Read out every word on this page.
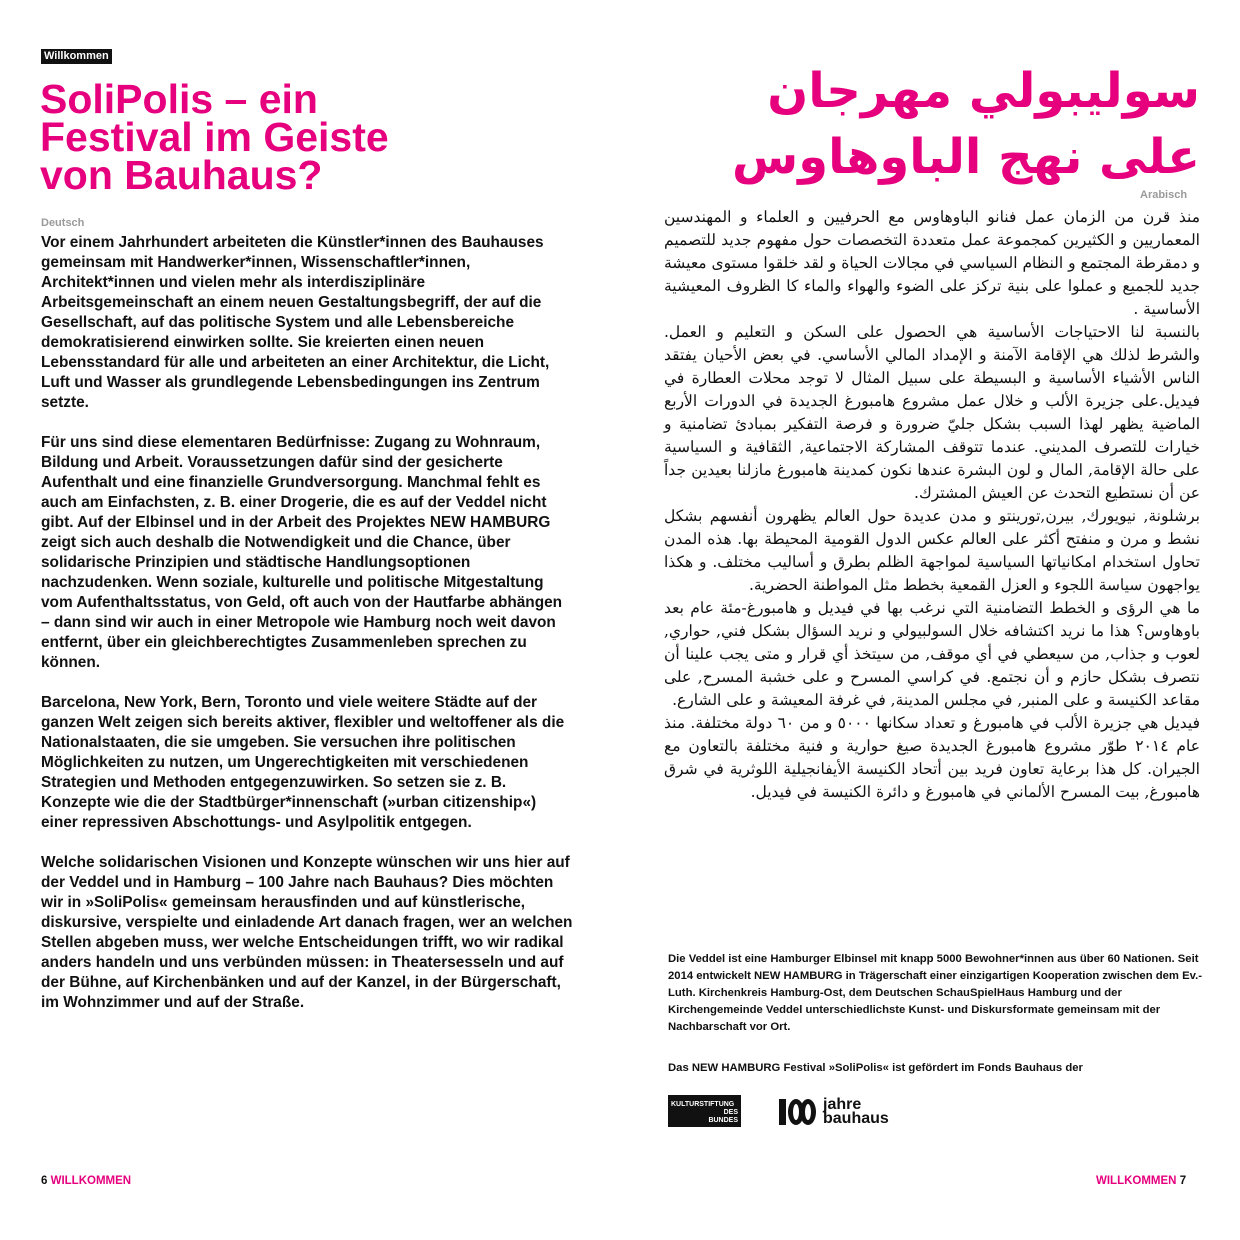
Willkommen
SoliPolis – ein
Festival im Geiste
von Bauhaus?
Deutsch

Vor einem Jahrhundert arbeiteten die Künstler*innen des Bauhauses gemeinsam mit Handwerker*innen, Wissenschaftler*innen, Architekt*innen und vielen mehr als interdisziplinäre Arbeitsgemeinschaft an einem neuen Gestaltungsbegriff, der auf die Gesellschaft, auf das politische System und alle Lebensbereiche demokratisierend einwirken sollte. Sie kreierten einen neuen Lebensstandard für alle und arbeiteten an einer Architektur, die Licht, Luft und Wasser als grundlegende Lebensbedingungen ins Zentrum setzte.

Für uns sind diese elementaren Bedürfnisse: Zugang zu Wohnraum, Bildung und Arbeit. Voraussetzungen dafür sind der gesicherte Aufenthalt und eine finanzielle Grundversorgung. Manchmal fehlt es auch am Einfachsten, z. B. einer Drogerie, die es auf der Veddel nicht gibt. Auf der Elbinsel und in der Arbeit des Projektes NEW HAMBURG zeigt sich auch deshalb die Notwendigkeit und die Chance, über solidarische Prinzipien und städtische Handlungsoptionen nachzudenken. Wenn soziale, kulturelle und politische Mitgestaltung vom Aufenthaltsstatus, von Geld, oft auch von der Hautfarbe abhängen – dann sind wir auch in einer Metropole wie Hamburg noch weit davon entfernt, über ein gleichberechtigtes Zusammenleben sprechen zu können.

Barcelona, New York, Bern, Toronto und viele weitere Städte auf der ganzen Welt zeigen sich bereits aktiver, flexibler und weltoffener als die Nationalstaaten, die sie umgeben. Sie versuchen ihre politischen Möglichkeiten zu nutzen, um Ungerechtigkeiten mit verschiedenen Strategien und Methoden entgegenzuwirken. So setzen sie z. B. Konzepte wie die der Stadtbürger*innenschaft (»urban citizenship«) einer repressiven Abschottungs- und Asylpolitik entgegen.

Welche solidarischen Visionen und Konzepte wünschen wir uns hier auf der Veddel und in Hamburg – 100 Jahre nach Bauhaus? Dies möchten wir in »SoliPolis« gemeinsam herausfinden und auf künstlerische, diskursive, verspielte und einladende Art danach fragen, wer an welchen Stellen abgeben muss, wer welche Entscheidungen trifft, wo wir radikal anders handeln und uns verbünden müssen: in Theatersesseln und auf der Bühne, auf Kirchenbänken und auf der Kanzel, in der Bürgerschaft, im Wohnzimmer und auf der Straße.

6 WILLKOMMEN
سوليبولي مهرجان على نهج الباوهاوس
Arabisch

منذ قرن من الزمان عمل فنانو الباوهاوس مع الحرفيين و العلماء و المهندسين المعماريين و الكثيرين كمجموعة عمل متعددة التخصصات حول مفهوم جديد للتصميم و دمقرطة المجتمع و النظام السياسي في مجالات الحياة و لقد خلقوا مستوى معيشة جديد للجميع و عملوا على بنية تركز على الضوء والهواء والماء كا الظروف المعيشية الأساسية .

بالنسبة لنا الاحتياجات الأساسية هي الحصول على السكن و التعليم و العمل. والشرط لذلك هي الإقامة الآمنة و الإمداد المالي الأساسي. في بعض الأحيان يفتقد الناس الأشياء الأساسية و البسيطة على سبيل المثال لا توجد محلات العطارة في فيديل.على جزيرة الألب و خلال عمل مشروع هامبورغ الجديدة في الدورات الأربع الماضية يظهر لهذا السبب بشكل جليّ ضرورة و فرصة التفكير بمبادئ تضامنية و خيارات للتصرف المديني. عندما تتوقف المشاركة الاجتماعية, الثقافية و السياسية على حالة الإقامة, المال و لون البشرة عندها نكون كمدينة هامبورغ مازلنا بعيدين جداً عن أن نستطيع التحدث عن العيش المشترك.

برشلونة, نيويورك, بيرن,تورينتو و مدن عديدة حول العالم يظهرون أنفسهم بشكل نشط و مرن و منفتح أكثر على العالم عكس الدول القومية المحيطة بها. هذه المدن تحاول استخدام امكانياتها السياسية لمواجهة الظلم بطرق و أساليب مختلف. و هكذا يواجهون سياسة اللجوء و العزل القمعية بخطط مثل المواطنة الحضرية.

ما هي الرؤى و الخطط التضامنية التي نرغب بها في فيديل و هامبورغ-مئة عام بعد باوهاوس؟ هذا ما نريد اكتشافه خلال السولبيولي و نريد السؤال بشكل فني, حواري, لعوب و جذاب, من سيعطي في أي موقف, من سيتخذ أي قرار و متى يجب علينا أن نتصرف بشكل حازم و أن نجتمع. في كراسي المسرح و على خشبة المسرح, على مقاعد الكنيسة و على المنبر, في مجلس المدينة, في غرفة المعيشة و على الشارع.

فيديل هي جزيرة الألب في هامبورغ و تعداد سكانها ٥٠٠٠ و من ٦٠ دولة مختلفة. منذ عام ٢٠١٤ طوّر مشروع هامبورغ الجديدة صيغ حوارية و فنية مختلفة بالتعاون مع الجيران. كل هذا برعاية تعاون فريد بين أتحاد الكنيسة الأيفانجيلية اللوثرية في شرق هامبورغ, بيت المسرح الألماني في هامبورغ و دائرة الكنيسة في فيديل.

Die Veddel ist eine Hamburger Elbinsel mit knapp 5000 Bewohner*innen aus über 60 Nationen. Seit 2014 entwickelt NEW HAMBURG in Trägerschaft einer einzigartigen Kooperation zwischen dem Ev.-Luth. Kirchenkreis Hamburg-Ost, dem Deutschen SchauSpielHaus Hamburg und der Kirchengemeinde Veddel unterschiedlichste Kunst- und Diskursformate gemeinsam mit der Nachbarschaft vor Ort.
Das NEW HAMBURG Festival »SoliPolis« ist gefördert im Fonds Bauhaus der
KULTURSTIFTUNG
DES
BUNDES
jahre
bauhaus
WILLKOMMEN 7
